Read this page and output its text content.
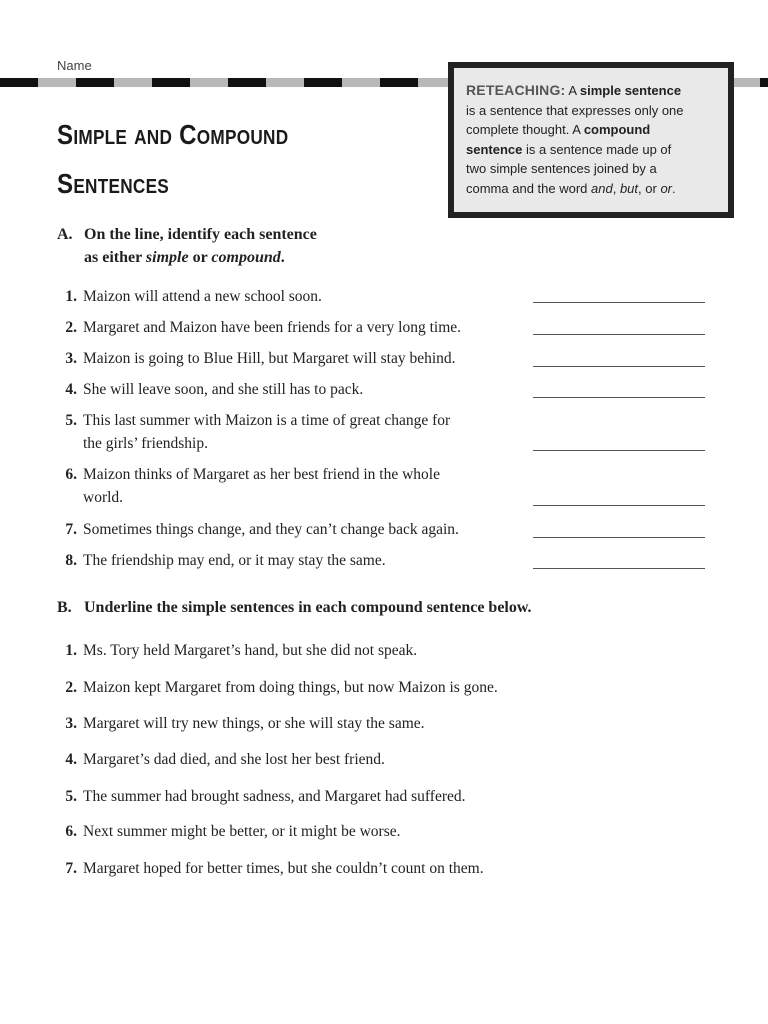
Name
Simple and Compound
Sentences
RETEACHING: A simple sentence
is a sentence that expresses only one
complete thought. A compound
sentence is a sentence made up of
two simple sentences joined by a
comma and the word and, but, or or.
A. On the line, identify each sentence
as either simple or compound.
1. Maizon will attend a new school soon.
2. Margaret and Maizon have been friends for a very long time.
3. Maizon is going to Blue Hill, but Margaret will stay behind.
4. She will leave soon, and she still has to pack.
5. This last summer with Maizon is a time of great change for
the girls’ friendship.
6. Maizon thinks of Margaret as her best friend in the whole
world.
7. Sometimes things change, and they can’t change back again.
8. The friendship may end, or it may stay the same.
B. Underline the simple sentences in each compound sentence below.
1. Ms. Tory held Margaret’s hand, but she did not speak.
2. Maizon kept Margaret from doing things, but now Maizon is gone.
3. Margaret will try new things, or she will stay the same.
4. Margaret’s dad died, and she lost her best friend.
5. The summer had brought sadness, and Margaret had suffered.
6. Next summer might be better, or it might be worse.
7. Margaret hoped for better times, but she couldn’t count on them.
